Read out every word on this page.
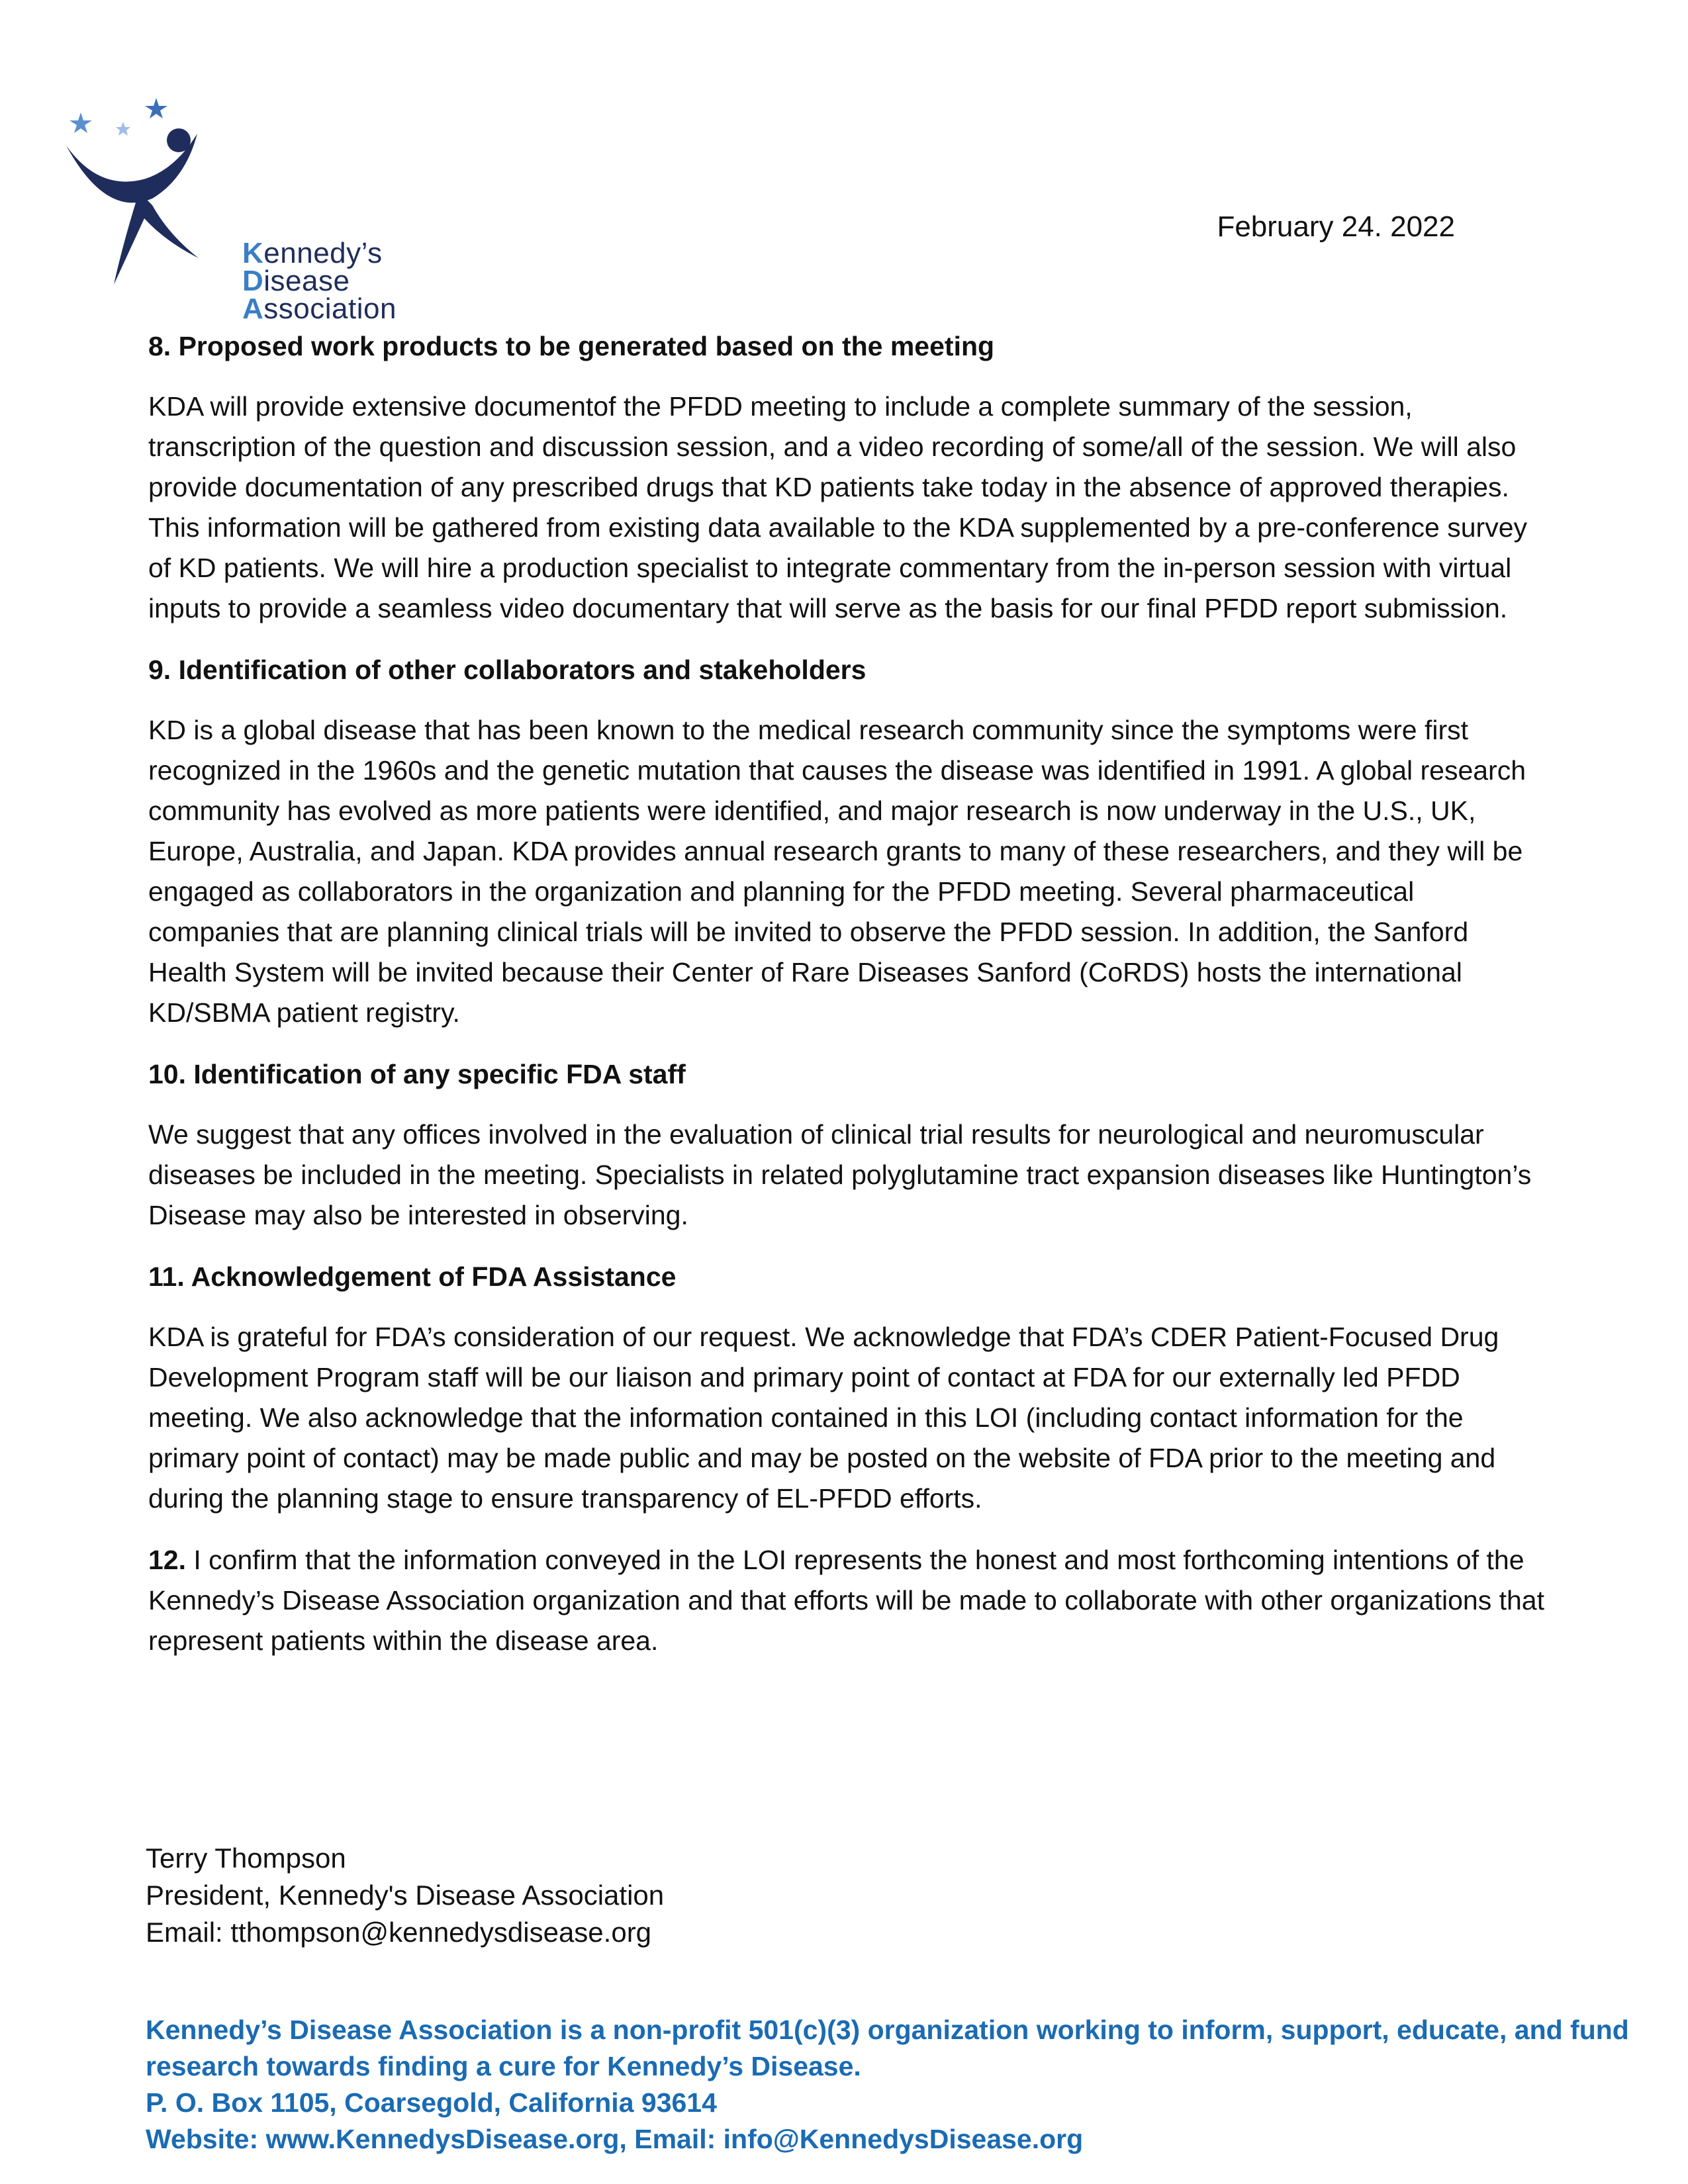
Kennedy’s
Disease
Association
February 24. 2022
8. Proposed work products to be generated based on the meeting

KDA will provide extensive documentof the PFDD meeting to include a complete summary of the session, transcription of the question and discussion session, and a video recording of some/all of the session. We will also provide documentation of any prescribed drugs that KD patients take today in the absence of approved therapies. This information will be gathered from existing data available to the KDA supplemented by a pre-conference survey of KD patients. We will hire a production specialist to integrate commentary from the in-person session with virtual inputs to provide a seamless video documentary that will serve as the basis for our final PFDD report submission.

9. Identification of other collaborators and stakeholders

KD is a global disease that has been known to the medical research community since the symptoms were first recognized in the 1960s and the genetic mutation that causes the disease was identified in 1991. A global research community has evolved as more patients were identified, and major research is now underway in the U.S., UK, Europe, Australia, and Japan. KDA provides annual research grants to many of these researchers, and they will be engaged as collaborators in the organization and planning for the PFDD meeting. Several pharmaceutical companies that are planning clinical trials will be invited to observe the PFDD session. In addition, the Sanford Health System will be invited because their Center of Rare Diseases Sanford (CoRDS) hosts the international KD/SBMA patient registry.

10. Identification of any specific FDA staff

We suggest that any offices involved in the evaluation of clinical trial results for neurological and neuromuscular diseases be included in the meeting. Specialists in related polyglutamine tract expansion diseases like Huntington’s Disease may also be interested in observing.

11. Acknowledgement of FDA Assistance

KDA is grateful for FDA’s consideration of our request. We acknowledge that FDA’s CDER Patient-Focused Drug Development Program staff will be our liaison and primary point of contact at FDA for our externally led PFDD meeting. We also acknowledge that the information contained in this LOI (including contact information for the primary point of contact) may be made public and may be posted on the website of FDA prior to the meeting and during the planning stage to ensure transparency of EL-PFDD efforts.

12. I confirm that the information conveyed in the LOI represents the honest and most forthcoming intentions of the Kennedy’s Disease Association organization and that efforts will be made to collaborate with other organizations that represent patients within the disease area.

Terry Thompson
President, Kennedy's Disease Association
Email: tthompson@kennedysdisease.org
Kennedy’s Disease Association is a non-profit 501(c)(3) organization working to inform, support, educate, and fund research towards finding a cure for Kennedy’s Disease.
P. O. Box 1105, Coarsegold, California 93614
Website: www.KennedysDisease.org, Email: info@KennedysDisease.org
